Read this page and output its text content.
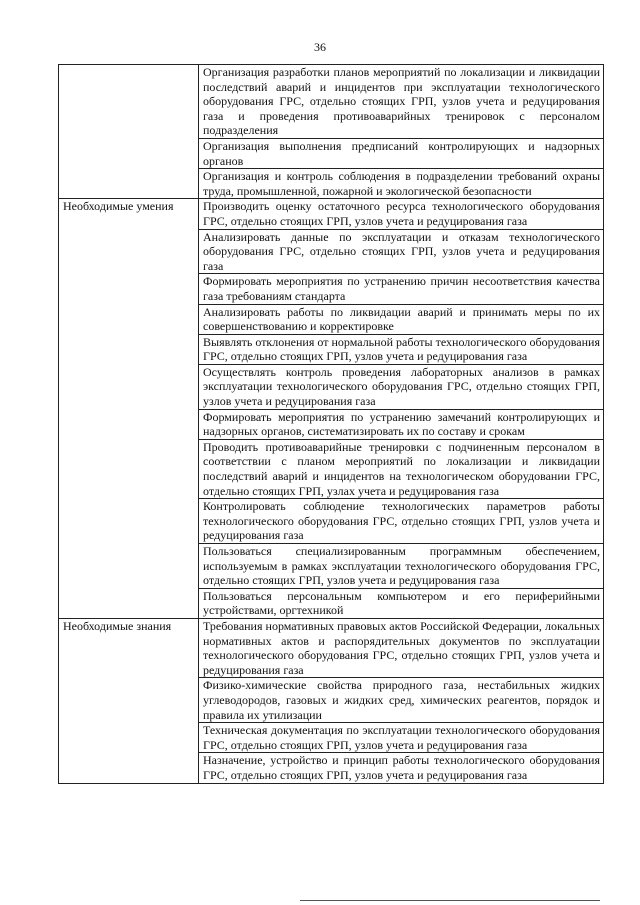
36
	Организация разработки планов мероприятий по локализации и ликвидации последствий аварий и инцидентов при эксплуатации технологического оборудования ГРС, отдельно стоящих ГРП, узлов учета и редуцирования газа и проведения противоаварийных тренировок с персоналом подразделения
	Организация выполнения предписаний контролирующих и надзорных органов
	Организация и контроль соблюдения в подразделении требований охраны труда, промышленной, пожарной и экологической безопасности
Необходимые умения	Производить оценку остаточного ресурса технологического оборудования ГРС, отдельно стоящих ГРП, узлов учета и редуцирования газа
	Анализировать данные по эксплуатации и отказам технологического оборудования ГРС, отдельно стоящих ГРП, узлов учета и редуцирования газа
	Формировать мероприятия по устранению причин несоответствия качества газа требованиям стандарта
	Анализировать работы по ликвидации аварий и принимать меры по их совершенствованию и корректировке
	Выявлять отклонения от нормальной работы технологического оборудования ГРС, отдельно стоящих ГРП, узлов учета и редуцирования газа
	Осуществлять контроль проведения лабораторных анализов в рамках эксплуатации технологического оборудования ГРС, отдельно стоящих ГРП, узлов учета и редуцирования газа
	Формировать мероприятия по устранению замечаний контролирующих и надзорных органов, систематизировать их по составу и срокам
	Проводить противоаварийные тренировки с подчиненным персоналом в соответствии с планом мероприятий по локализации и ликвидации последствий аварий и инцидентов на технологическом оборудовании ГРС, отдельно стоящих ГРП, узлах учета и редуцирования газа
	Контролировать соблюдение технологических параметров работы технологического оборудования ГРС, отдельно стоящих ГРП, узлов учета и редуцирования газа
	Пользоваться специализированным программным обеспечением, используемым в рамках эксплуатации технологического оборудования ГРС, отдельно стоящих ГРП, узлов учета и редуцирования газа
	Пользоваться персональным компьютером и его периферийными устройствами, оргтехникой
Необходимые знания	Требования нормативных правовых актов Российской Федерации, локальных нормативных актов и распорядительных документов по эксплуатации технологического оборудования ГРС, отдельно стоящих ГРП, узлов учета и редуцирования газа
	Физико-химические свойства природного газа, нестабильных жидких углеводородов, газовых и жидких сред, химических реагентов, порядок и правила их утилизации
	Техническая документация по эксплуатации технологического оборудования ГРС, отдельно стоящих ГРП, узлов учета и редуцирования газа
	Назначение, устройство и принцип работы технологического оборудования ГРС, отдельно стоящих ГРП, узлов учета и редуцирования газа
